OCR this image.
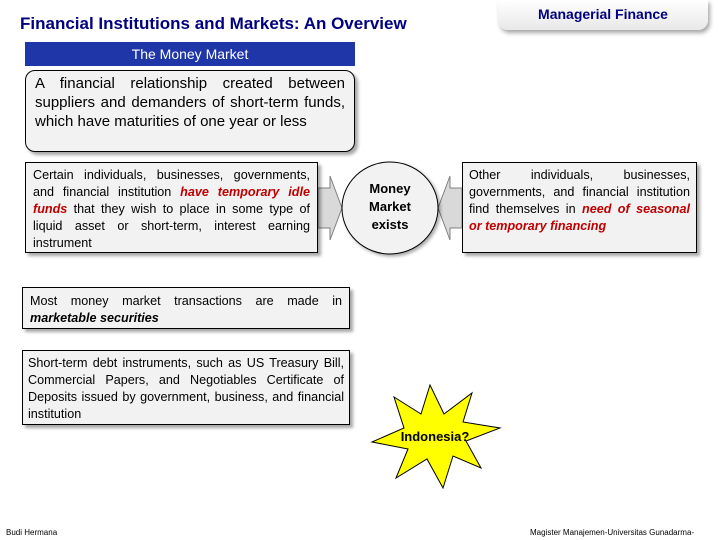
Financial Institutions and Markets: An Overview	Managerial Finance
The Money Market
A financial relationship created between suppliers and demanders of short-term funds, which have maturities of one year or less
Money Market exists
Certain individuals, businesses, governments, and financial institution have temporary idle funds that they wish to place in some type of liquid asset or short-term, interest earning instrument
Other individuals, businesses, governments, and financial institution find themselves in need of seasonal or temporary financing
Most money market transactions are made in marketable securities
Short-term debt instruments, such as US Treasury Bill, Commercial Papers, and Negotiables Certificate of Deposits issued by government, business, and financial institution
Indonesia?
Budi Hermana	Magister Manajemen-Universitas Gunadarma-
